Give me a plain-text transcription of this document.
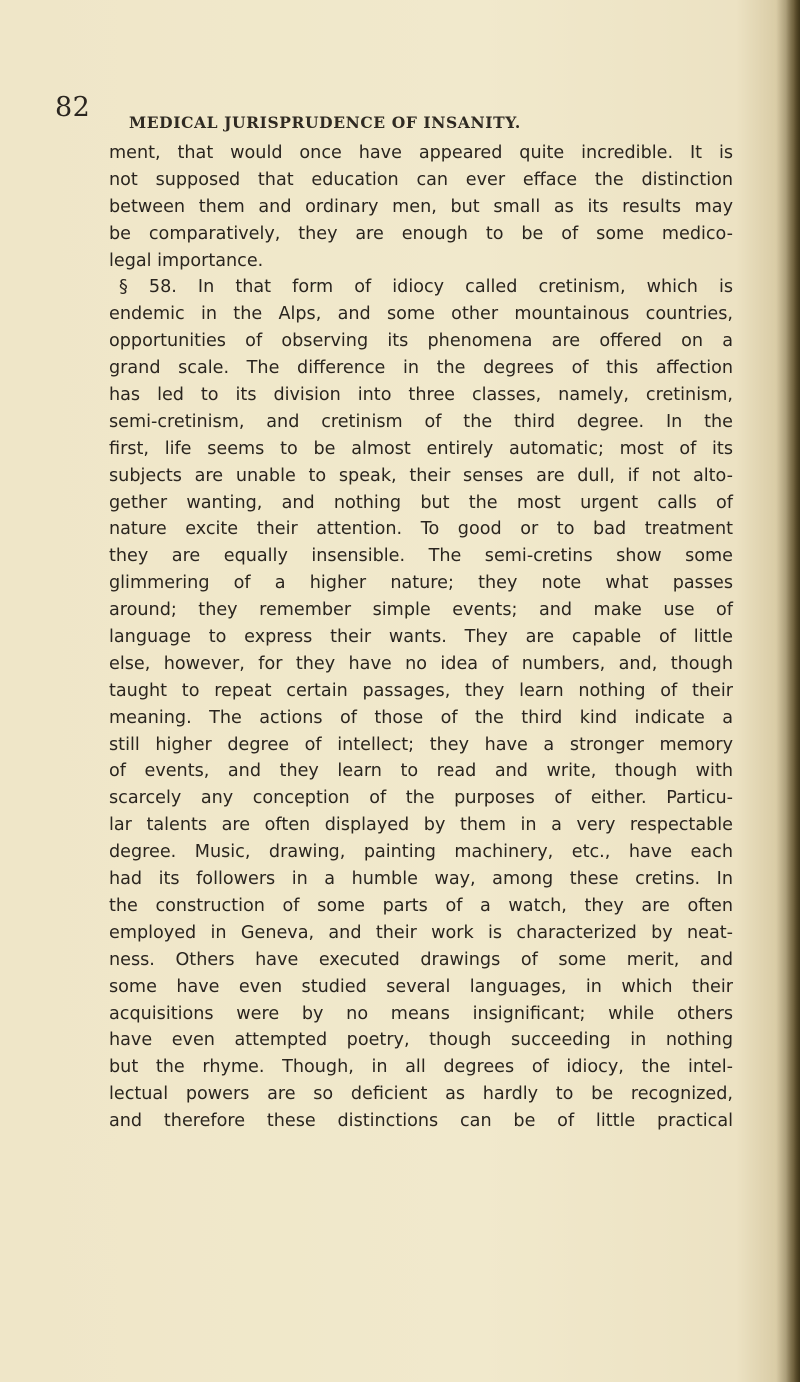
82 MEDICAL JURISPRUDENCE OF INSANITY.
ment, that would once have appeared quite incredible. It is
not supposed that education can ever efface the distinction
between them and ordinary men, but small as its results may
be comparatively, they are enough to be of some medico-
legal importance.
§ 58. In that form of idiocy called cretinism, which is
endemic in the Alps, and some other mountainous countries,
opportunities of observing its phenomena are offered on a
grand scale. The difference in the degrees of this affection
has led to its division into three classes, namely, cretinism,
semi-cretinism, and cretinism of the third degree. In the
first, life seems to be almost entirely automatic; most of its
subjects are unable to speak, their senses are dull, if not alto-
gether wanting, and nothing but the most urgent calls of
nature excite their attention. To good or to bad treatment
they are equally insensible. The semi-cretins show some
glimmering of a higher nature; they note what passes
around; they remember simple events; and make use of
language to express their wants. They are capable of little
else, however, for they have no idea of numbers, and, though
taught to repeat certain passages, they learn nothing of their
meaning. The actions of those of the third kind indicate a
still higher degree of intellect; they have a stronger memory
of events, and they learn to read and write, though with
scarcely any conception of the purposes of either. Particu-
lar talents are often displayed by them in a very respectable
degree. Music, drawing, painting machinery, etc., have each
had its followers in a humble way, among these cretins. In
the construction of some parts of a watch, they are often
employed in Geneva, and their work is characterized by neat-
ness. Others have executed drawings of some merit, and
some have even studied several languages, in which their
acquisitions were by no means insignificant; while others
have even attempted poetry, though succeeding in nothing
but the rhyme. Though, in all degrees of idiocy, the intel-
lectual powers are so deficient as hardly to be recognized,
and therefore these distinctions can be of little practical
